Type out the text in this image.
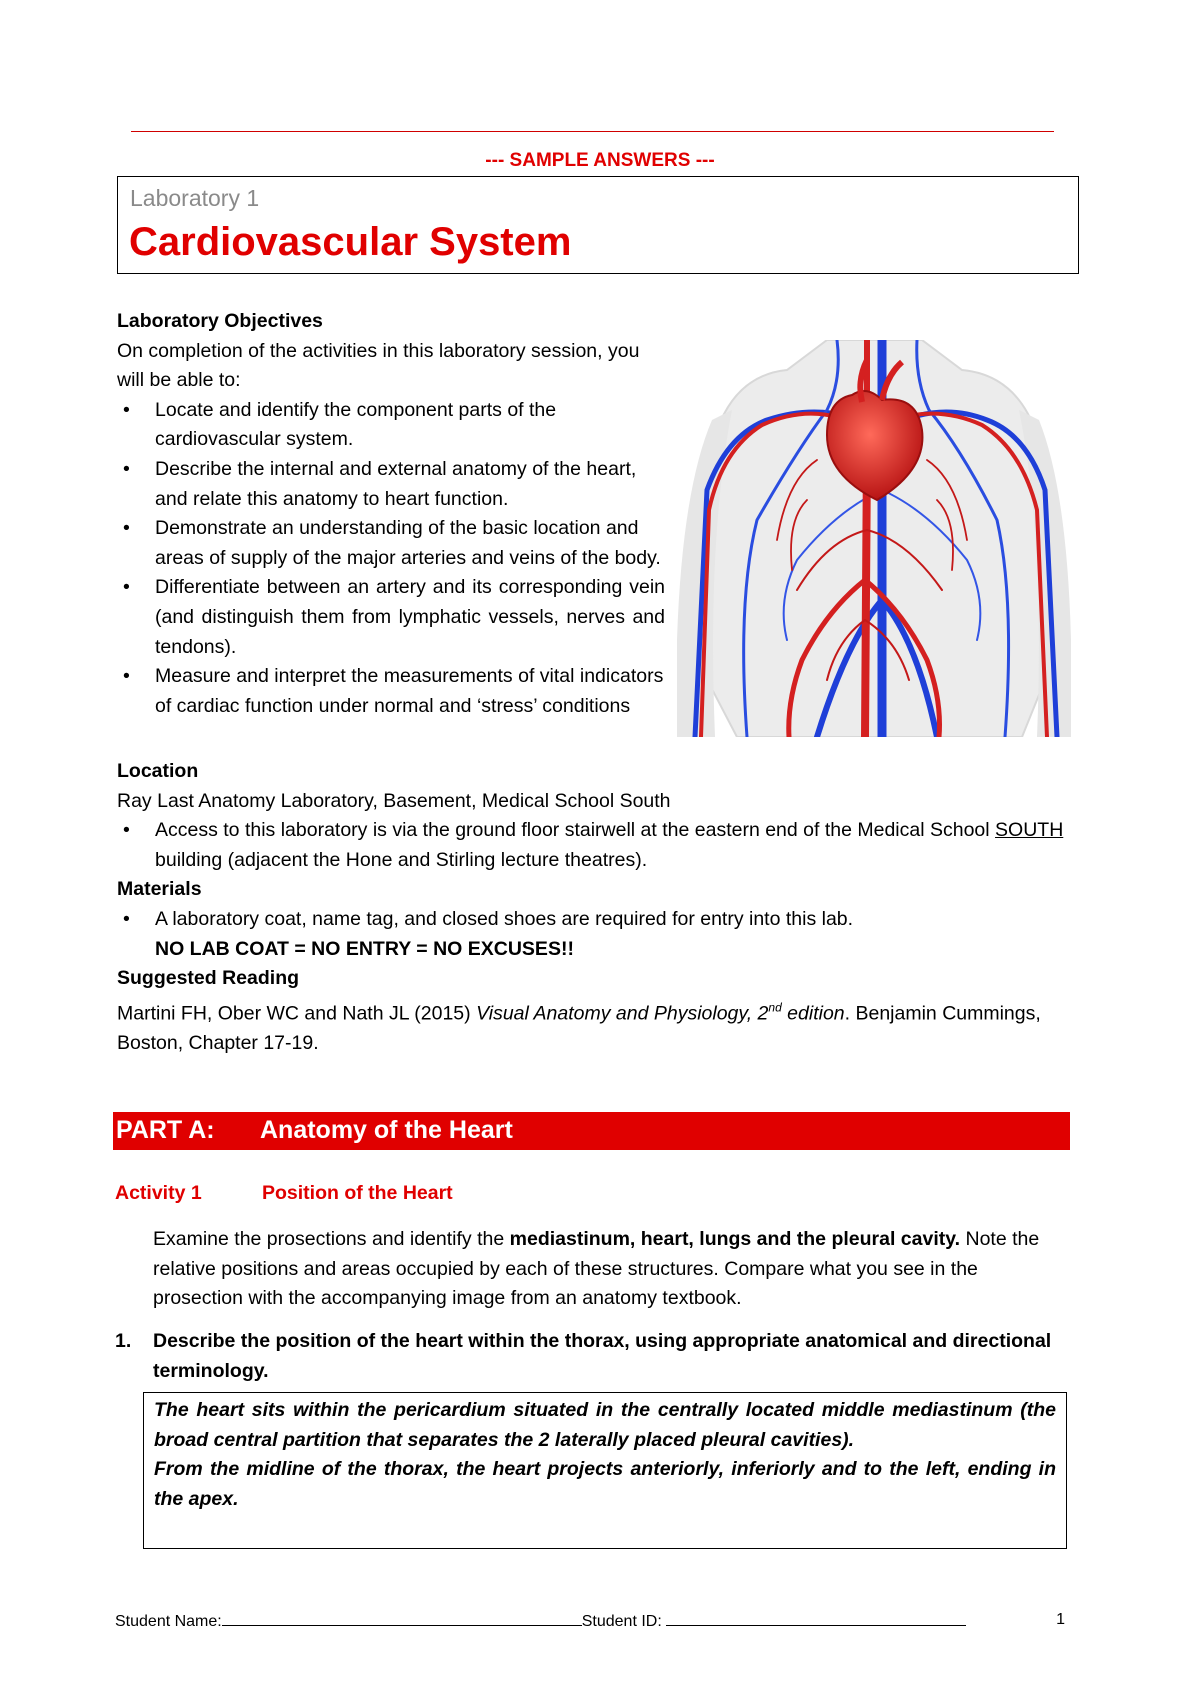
--- SAMPLE ANSWERS ---
Laboratory 1
Cardiovascular System
Laboratory Objectives
On completion of the activities in this laboratory session, you will be able to:
• Locate and identify the component parts of the cardiovascular system.
• Describe the internal and external anatomy of the heart, and relate this anatomy to heart function.
• Demonstrate an understanding of the basic location and areas of supply of the major arteries and veins of the body.
• Differentiate between an artery and its corresponding vein (and distinguish them from lymphatic vessels, nerves and tendons).
• Measure and interpret the measurements of vital indicators of cardiac function under normal and ‘stress’ conditions
Location
Ray Last Anatomy Laboratory, Basement, Medical School South
• Access to this laboratory is via the ground floor stairwell at the eastern end of the Medical School SOUTH building (adjacent the Hone and Stirling lecture theatres).
Materials
• A laboratory coat, name tag, and closed shoes are required for entry into this lab.
NO LAB COAT = NO ENTRY = NO EXCUSES!!
Suggested Reading
Martini FH, Ober WC and Nath JL (2015) Visual Anatomy and Physiology, 2nd edition. Benjamin Cummings, Boston, Chapter 17-19.
PART A: Anatomy of the Heart
Activity 1	Position of the Heart
Examine the prosections and identify the mediastinum, heart, lungs and the pleural cavity. Note the relative positions and areas occupied by each of these structures. Compare what you see in the prosection with the accompanying image from an anatomy textbook.
1. Describe the position of the heart within the thorax, using appropriate anatomical and directional terminology.
The heart sits within the pericardium situated in the centrally located middle mediastinum (the broad central partition that separates the 2 laterally placed pleural cavities).
From the midline of the thorax, the heart projects anteriorly, inferiorly and to the left, ending in the apex.
Student Name:	Student ID:	1
